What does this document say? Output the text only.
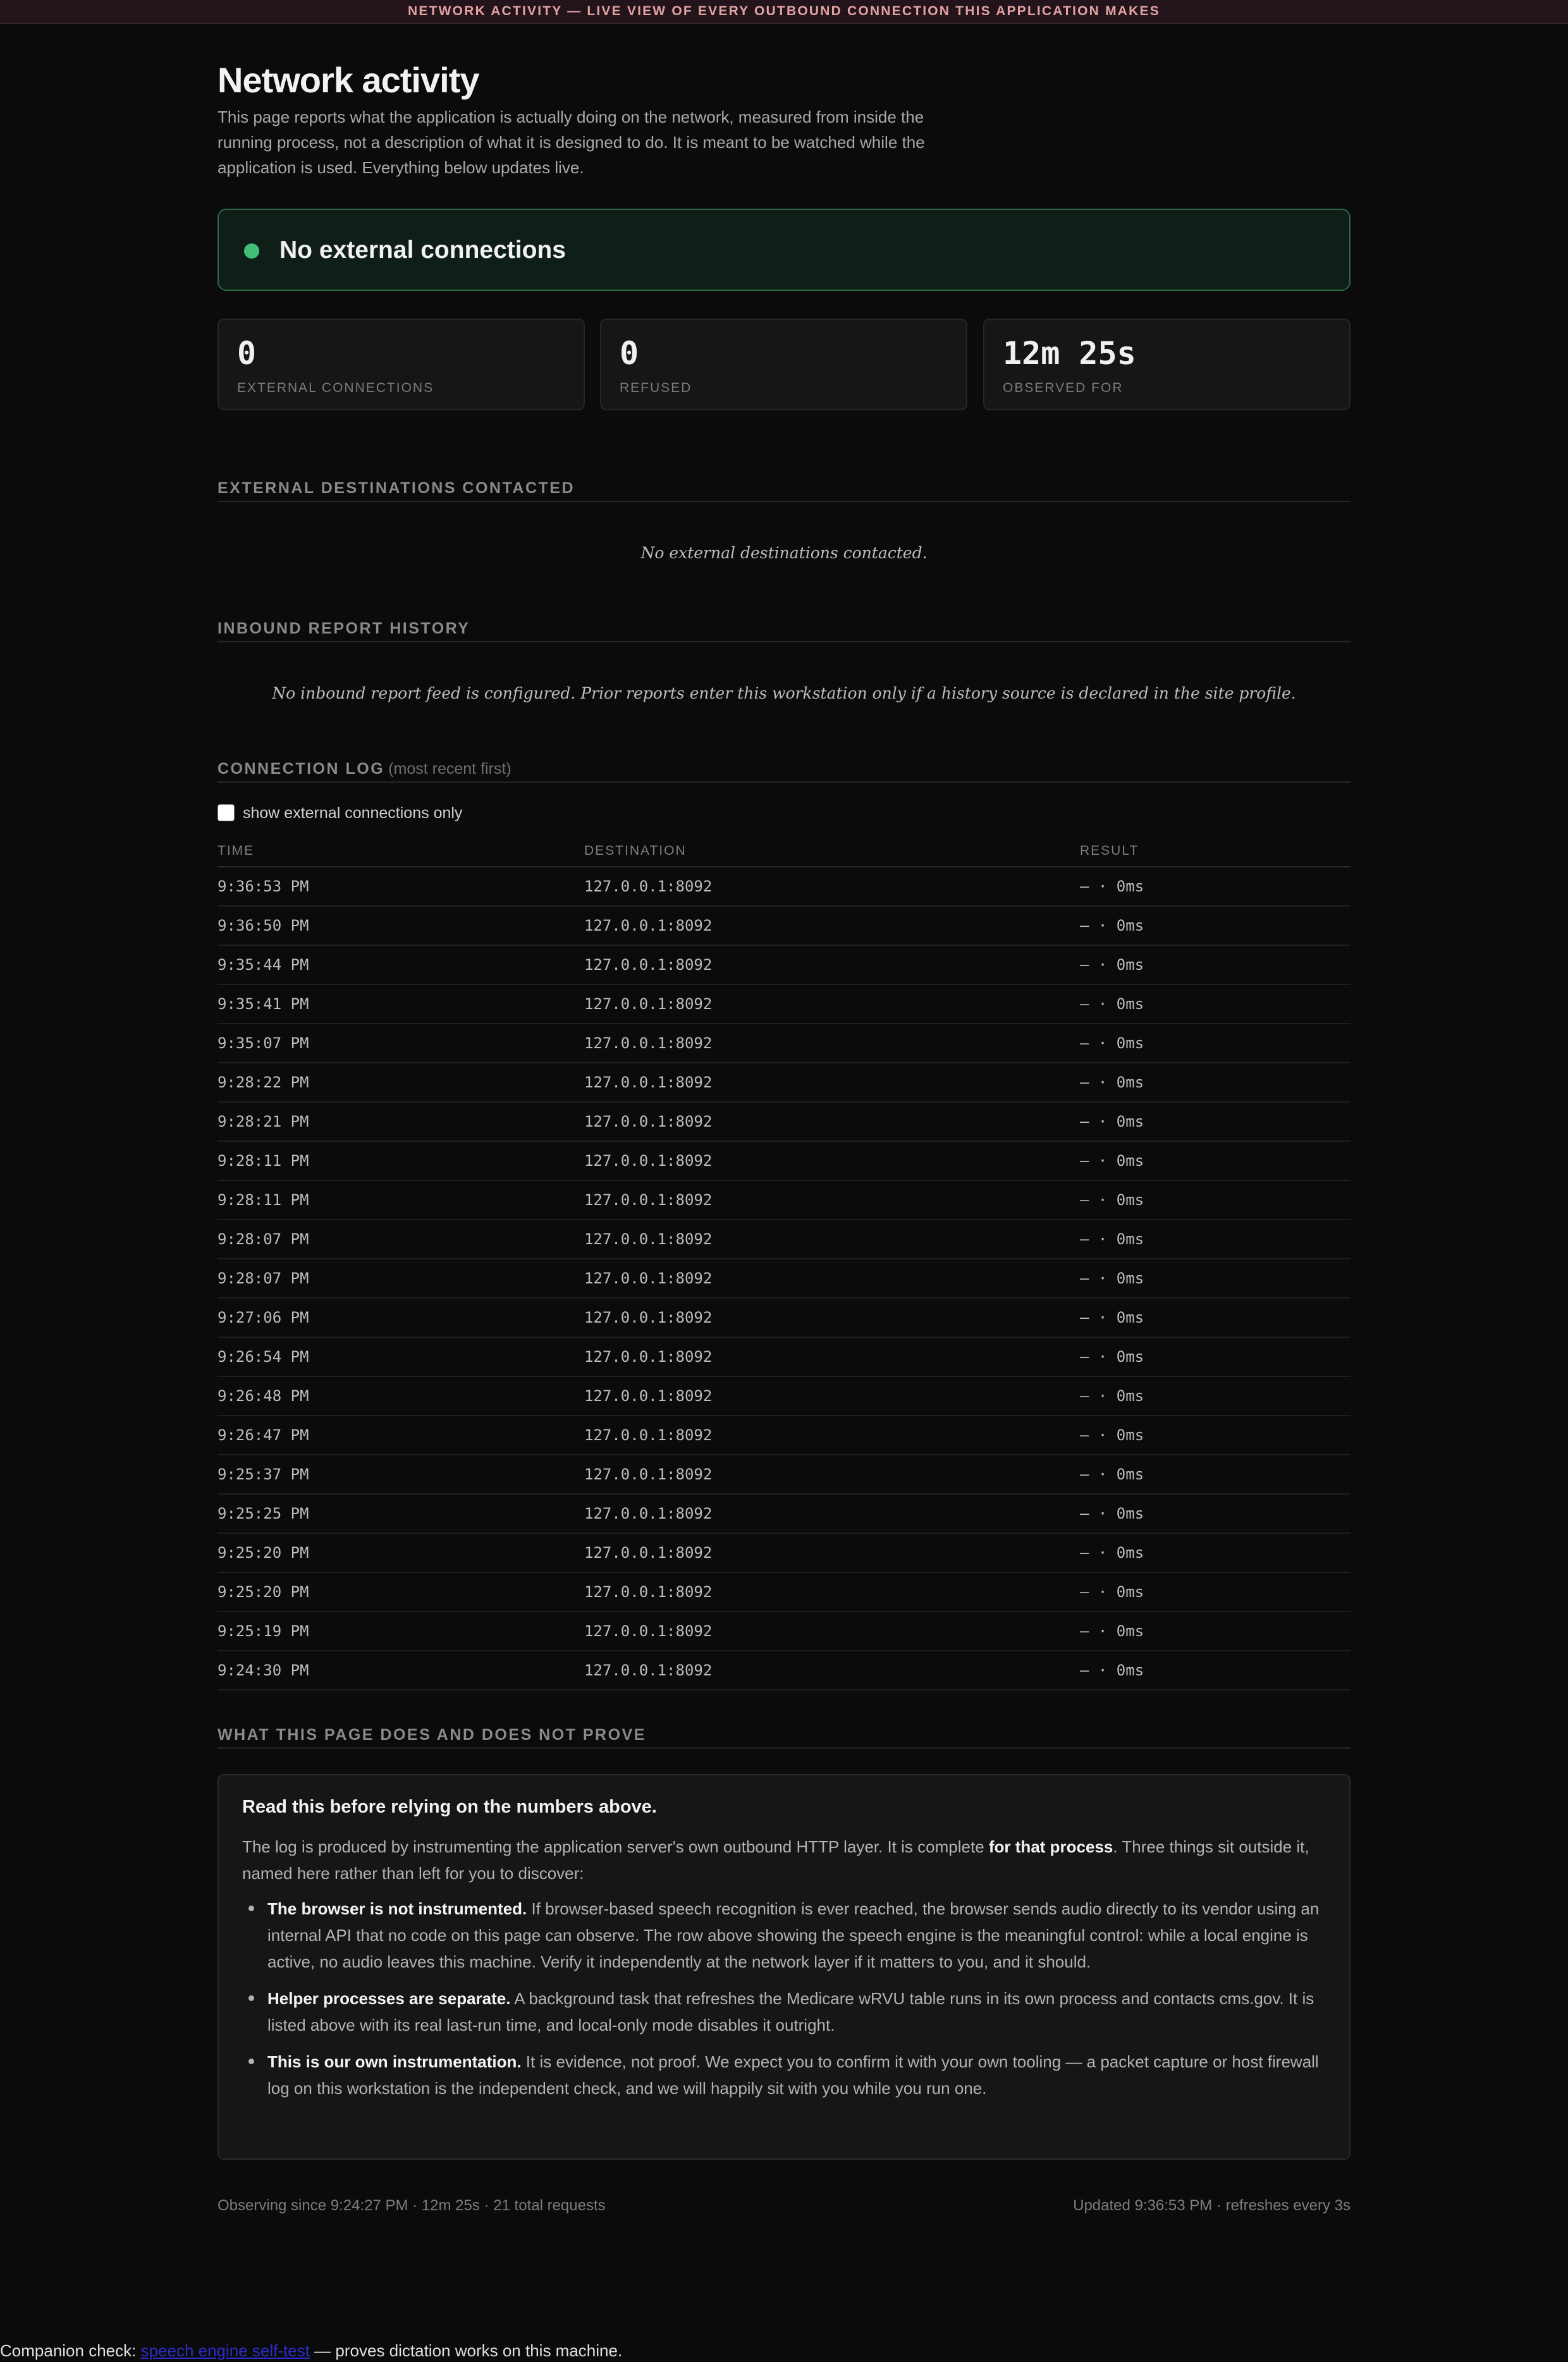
NETWORK ACTIVITY — LIVE VIEW OF EVERY OUTBOUND CONNECTION THIS APPLICATION MAKES
Network activity

This page reports what the application is actually doing on the network, measured from inside the running process, not a description of what it is designed to do. It is meant to be watched while the application is used. Everything below updates live.

No external connections
0
EXTERNAL CONNECTIONS
0
REFUSED
12m 25s
OBSERVED FOR
EXTERNAL DESTINATIONS CONTACTED
No external destinations contacted.
INBOUND REPORT HISTORY
No inbound report feed is configured. Prior reports enter this workstation only if a history source is declared in the site profile.
CONNECTION LOG (most recent first)
show external connections only
TIME	DESTINATION	RESULT
9:36:53 PM	127.0.0.1:8092	— · 0ms
9:36:50 PM	127.0.0.1:8092	— · 0ms
9:35:44 PM	127.0.0.1:8092	— · 0ms
9:35:41 PM	127.0.0.1:8092	— · 0ms
9:35:07 PM	127.0.0.1:8092	— · 0ms
9:28:22 PM	127.0.0.1:8092	— · 0ms
9:28:21 PM	127.0.0.1:8092	— · 0ms
9:28:11 PM	127.0.0.1:8092	— · 0ms
9:28:11 PM	127.0.0.1:8092	— · 0ms
9:28:07 PM	127.0.0.1:8092	— · 0ms
9:28:07 PM	127.0.0.1:8092	— · 0ms
9:27:06 PM	127.0.0.1:8092	— · 0ms
9:26:54 PM	127.0.0.1:8092	— · 0ms
9:26:48 PM	127.0.0.1:8092	— · 0ms
9:26:47 PM	127.0.0.1:8092	— · 0ms
9:25:37 PM	127.0.0.1:8092	— · 0ms
9:25:25 PM	127.0.0.1:8092	— · 0ms
9:25:20 PM	127.0.0.1:8092	— · 0ms
9:25:20 PM	127.0.0.1:8092	— · 0ms
9:25:19 PM	127.0.0.1:8092	— · 0ms
9:24:30 PM	127.0.0.1:8092	— · 0ms
WHAT THIS PAGE DOES AND DOES NOT PROVE
Read this before relying on the numbers above.

The log is produced by instrumenting the application server's own outbound HTTP layer. It is complete for that process. Three things sit outside it, named here rather than left for you to discover:

The browser is not instrumented. If browser-based speech recognition is ever reached, the browser sends audio directly to its vendor using an internal API that no code on this page can observe. The row above showing the speech engine is the meaningful control: while a local engine is active, no audio leaves this machine. Verify it independently at the network layer if it matters to you, and it should.
Helper processes are separate. A background task that refreshes the Medicare wRVU table runs in its own process and contacts cms.gov. It is listed above with its real last-run time, and local-only mode disables it outright.
This is our own instrumentation. It is evidence, not proof. We expect you to confirm it with your own tooling — a packet capture or host firewall log on this workstation is the independent check, and we will happily sit with you while you run one.
Observing since 9:24:27 PM · 12m 25s · 21 total requests	Updated 9:36:53 PM · refreshes every 3s
Companion check: speech engine self-test — proves dictation works on this machine.
